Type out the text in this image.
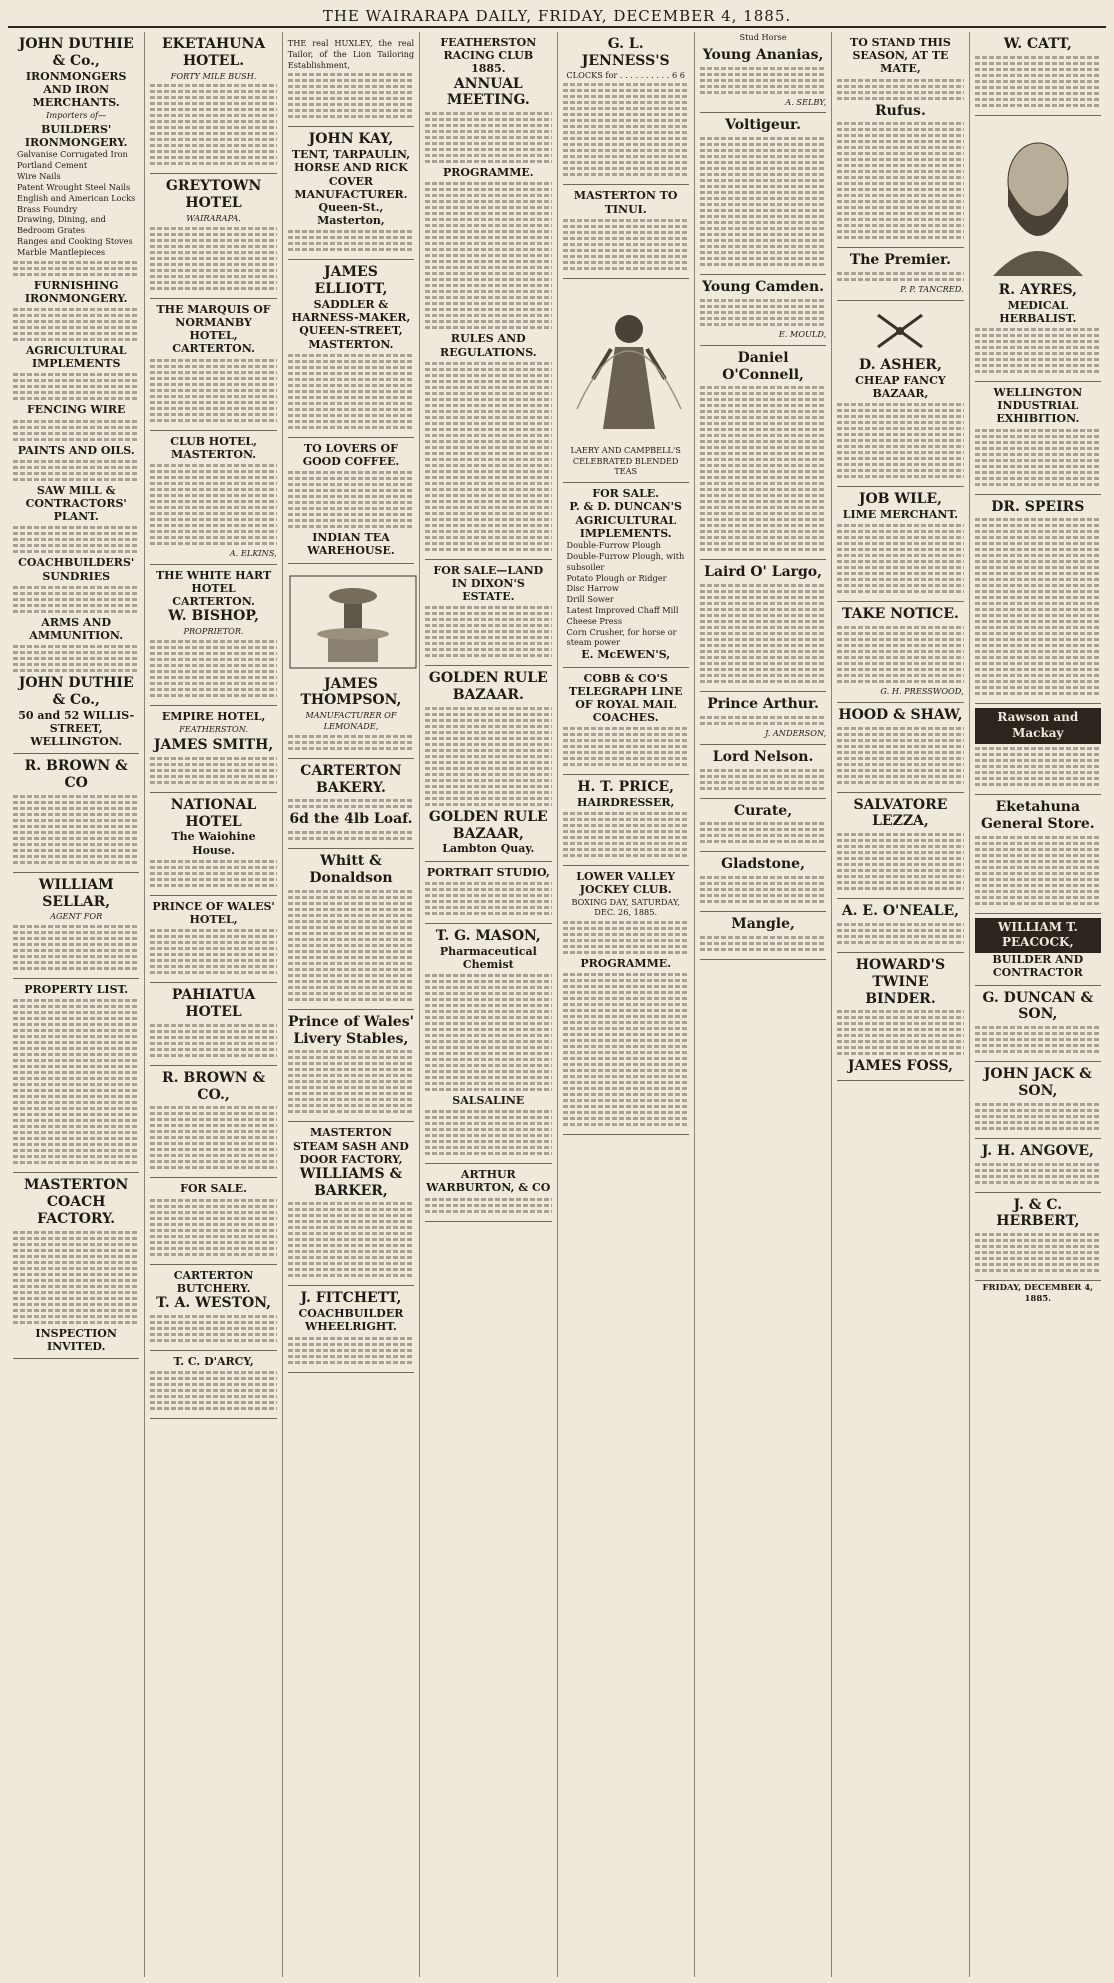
THE WAIRARAPA DAILY, FRIDAY, DECEMBER 4, 1885.
JOHN DUTHIE & Co.,
IRONMONGERS AND IRON MERCHANTS.
Importers of—
BUILDERS' IRONMONGERY.
Galvanise Corrugated Iron
Portland Cement
Wire Nails
Patent Wrought Steel Nails
English and American Locks
Brass Foundry
Drawing, Dining, and Bedroom Grates
Ranges and Cooking Stoves
Marble Mantlepieces
FURNISHING IRONMONGERY.
AGRICULTURAL IMPLEMENTS
FENCING WIRE
PAINTS AND OILS.
SAW MILL & CONTRACTORS' PLANT.
COACHBUILDERS' SUNDRIES
ARMS AND AMMUNITION.
JOHN DUTHIE & Co.,
50 and 52 WILLIS-STREET,
WELLINGTON.
R. BROWN & CO
WILLIAM SELLAR,
AGENT FOR
PROPERTY LIST.
MASTERTON COACH FACTORY.
INSPECTION INVITED.
EKETAHUNA HOTEL.
FORTY MILE BUSH.
GREYTOWN HOTEL
WAIRARAPA.
THE MARQUIS OF NORMANBY HOTEL, CARTERTON.
CLUB HOTEL, MASTERTON.
A. ELKINS,
THE WHITE HART HOTEL CARTERTON.
W. BISHOP,
PROPRIETOR.
EMPIRE HOTEL,
FEATHERSTON.
JAMES SMITH,
NATIONAL HOTEL
The Waiohine House.
PRINCE OF WALES' HOTEL,
PAHIATUA HOTEL
R. BROWN & CO.,
FOR SALE.
CARTERTON BUTCHERY.
T. A. WESTON,
T. C. D'ARCY,
THE real HUXLEY, the real Tailor, of the Lion Tailoring Establishment,
JOHN KAY,
TENT, TARPAULIN, HORSE AND RICK COVER MANUFACTURER.
Queen-St., Masterton,
JAMES ELLIOTT,
SADDLER & HARNESS-MAKER, QUEEN-STREET, MASTERTON.
TO LOVERS OF GOOD COFFEE.
INDIAN TEA WAREHOUSE.
JAMES THOMPSON,
MANUFACTURER OF LEMONADE,
CARTERTON BAKERY.
6d the 4lb Loaf.
Whitt & Donaldson
Prince of Wales' Livery Stables,
MASTERTON STEAM SASH AND DOOR FACTORY,
WILLIAMS & BARKER,
J. FITCHETT,
COACHBUILDER WHEELRIGHT.
FEATHERSTON RACING CLUB 1885.
ANNUAL MEETING.
PROGRAMME.
RULES AND REGULATIONS.
FOR SALE—LAND IN DIXON'S ESTATE.
GOLDEN RULE BAZAAR.
GOLDEN RULE BAZAAR,
Lambton Quay.
PORTRAIT STUDIO,
T. G. MASON,
Pharmaceutical Chemist
SALSALINE
ARTHUR WARBURTON, & CO
G. L. JENNESS'S
CLOCKS for . . . . . . . . . . 6 6
MASTERTON TO TINUI.
LAERY AND CAMPBELL'S CELEBRATED BLENDED TEAS
FOR SALE.
P. & D. DUNCAN'S AGRICULTURAL IMPLEMENTS.
Double-Furrow Plough
Double-Furrow Plough, with subsoiler
Potato Plough or Ridger
Disc Harrow
Drill Sower
Latest Improved Chaff Mill
Cheese Press
Corn Crusher, for horse or steam power
E. McEWEN'S,
COBB & CO'S TELEGRAPH LINE OF ROYAL MAIL COACHES.
H. T. PRICE,
HAIRDRESSER,
LOWER VALLEY JOCKEY CLUB.
BOXING DAY, SATURDAY, DEC. 26, 1885.
PROGRAMME.
Stud Horse
Young Ananias,
A. SELBY,
Voltigeur.
Young Camden.
E. MOULD,
Daniel O'Connell,
Laird O' Largo,
Prince Arthur.
J. ANDERSON,
Lord Nelson.
Curate,
Gladstone,
Mangle,
TO STAND THIS SEASON, AT TE MATE,
Rufus.
The Premier.
P. P. TANCRED.
D. ASHER,
CHEAP FANCY BAZAAR,
JOB WILE,
LIME MERCHANT.
TAKE NOTICE.
G. H. PRESSWOOD,
HOOD & SHAW,
SALVATORE LEZZA,
A. E. O'NEALE,
HOWARD'S TWINE BINDER.
JAMES FOSS,
W. CATT,
R. AYRES,
MEDICAL HERBALIST.
WELLINGTON INDUSTRIAL EXHIBITION.
DR. SPEIRS
Rawson and Mackay
Eketahuna General Store.
WILLIAM T. PEACOCK,
BUILDER AND CONTRACTOR
G. DUNCAN & SON,
JOHN JACK & SON,
J. H. ANGOVE,
J. & C. HERBERT,
FRIDAY, DECEMBER 4, 1885.
